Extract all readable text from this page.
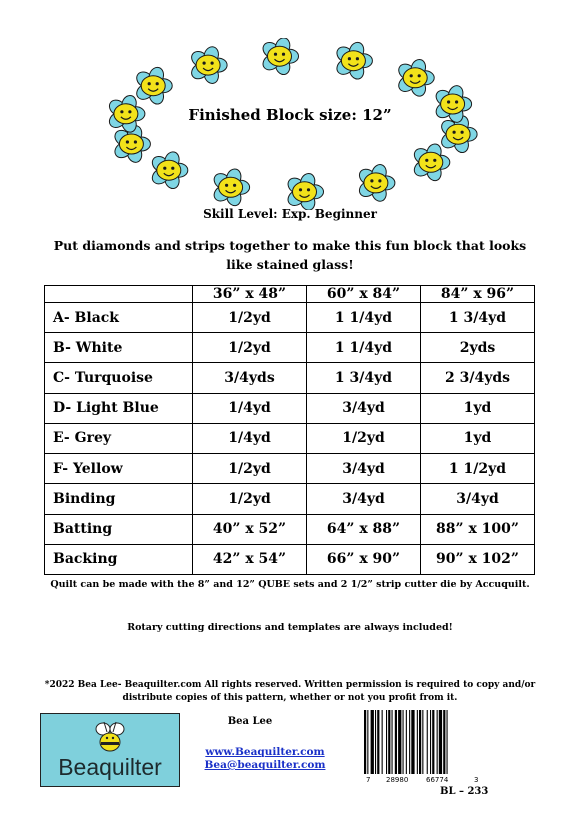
Finished Block size: 12”
Skill Level: Exp. Beginner
Put diamonds and strips together to make this fun block that looks like stained glass!
	36” x 48”	60” x 84”	84” x 96”
A- Black	1/2yd	1 1/4yd	1 3/4yd
B- White	1/2yd	1 1/4yd	2yds
C- Turquoise	3/4yds	1 3/4yd	2 3/4yds
D- Light Blue	1/4yd	3/4yd	1yd
E- Grey	1/4yd	1/2yd	1yd
F- Yellow	1/2yd	3/4yd	1 1/2yd
Binding	1/2yd	3/4yd	3/4yd
Batting	40” x 52”	64” x 88”	88” x 100”
Backing	42” x 54”	66” x 90”	90” x 102”
Quilt can be made with the 8” and 12” QUBE sets and 2 1/2” strip cutter die by Accuquilt.
Rotary cutting directions and templates are always included!
*2022 Bea Lee- Beaquilter.com All rights reserved. Written permission is required to copy and/or distribute copies of this pattern, whether or not you profit from it.
Beaquilter
Bea Lee
www.Beaquilter.com
Bea@beaquilter.com
7 28980	66774	3
BL – 233
